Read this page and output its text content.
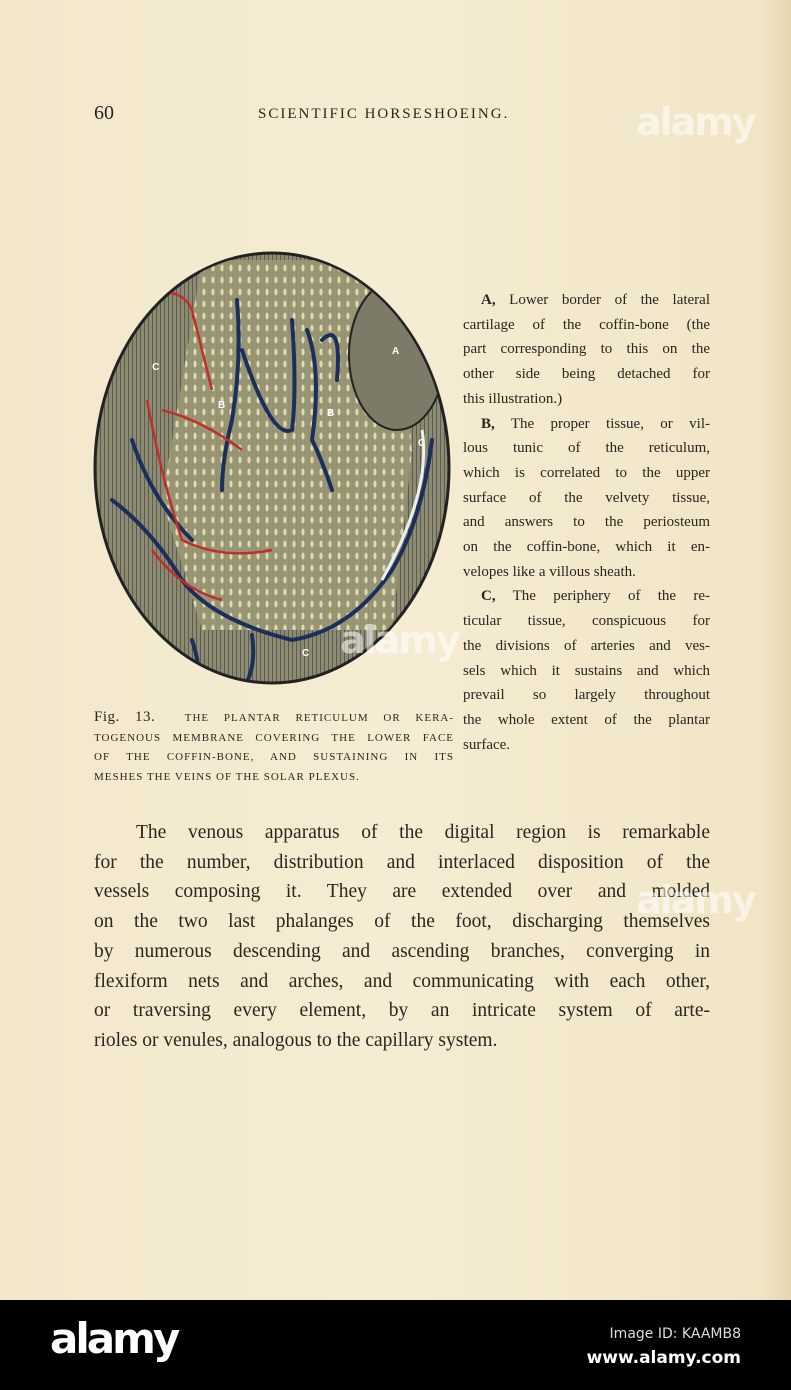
60	SCIENTIFIC HORSESHOEING.
A
B
B
C
C
C
Fig. 13.	THE PLANTAR RETICULUM OR KERA-
TOGENOUS MEMBRANE COVERING THE LOWER FACE
OF THE COFFIN-BONE, AND SUSTAINING IN ITS
MESHES THE VEINS OF THE SOLAR PLEXUS.
A, Lower border of the lateral
cartilage of the coffin-bone (the
part corresponding to this on the
other side being detached for
this illustration.)
B, The proper tissue, or vil-
lous tunic of the reticulum,
which is correlated to the upper
surface of the velvety tissue,
and answers to the periosteum
on the coffin-bone, which it en-
velopes like a villous sheath.
C, The periphery of the re-
ticular tissue, conspicuous for
the divisions of arteries and ves-
sels which it sustains and which
prevail so largely throughout
the whole extent of the plantar
surface.
The venous apparatus of the digital region is remarkable
for the number, distribution and interlaced disposition of the
vessels composing it. They are extended over and molded
on the two last phalanges of the foot, discharging themselves
by numerous descending and ascending branches, converging in
flexiform nets and arches, and communicating with each other,
or traversing every element, by an intricate system of arte-
rioles or venules, analogous to the capillary system.
alamy
alamy
alamy
alamy	Image ID: KAAMB8
www.alamy.com
